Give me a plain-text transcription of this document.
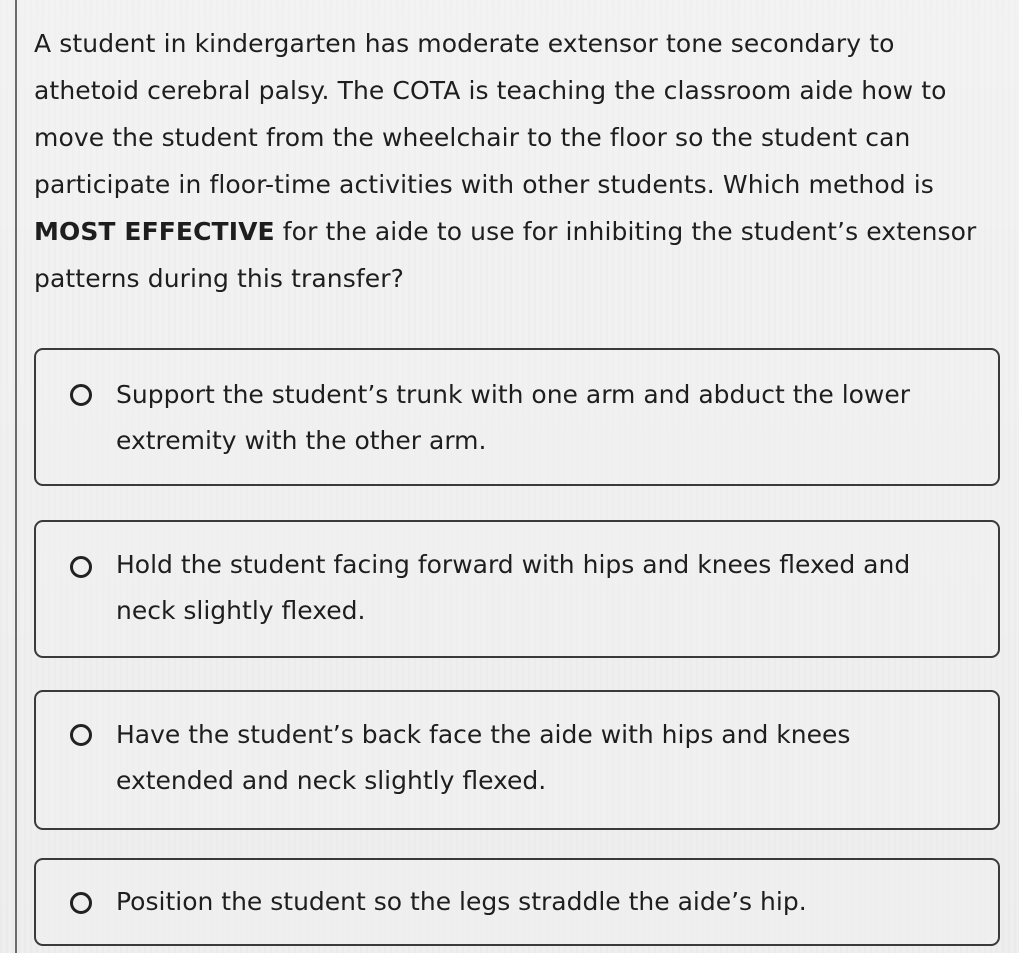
A student in kindergarten has moderate extensor tone secondary to athetoid cerebral palsy. The COTA is teaching the classroom aide how to move the student from the wheelchair to the floor so the student can participate in floor-time activities with other students. Which method is MOST EFFECTIVE for the aide to use for inhibiting the student’s extensor patterns during this transfer?

Support the student’s trunk with one arm and abduct the lower extremity with the other arm.
Hold the student facing forward with hips and knees flexed and neck slightly flexed.
Have the student’s back face the aide with hips and knees extended and neck slightly flexed.
Position the student so the legs straddle the aide’s hip.
